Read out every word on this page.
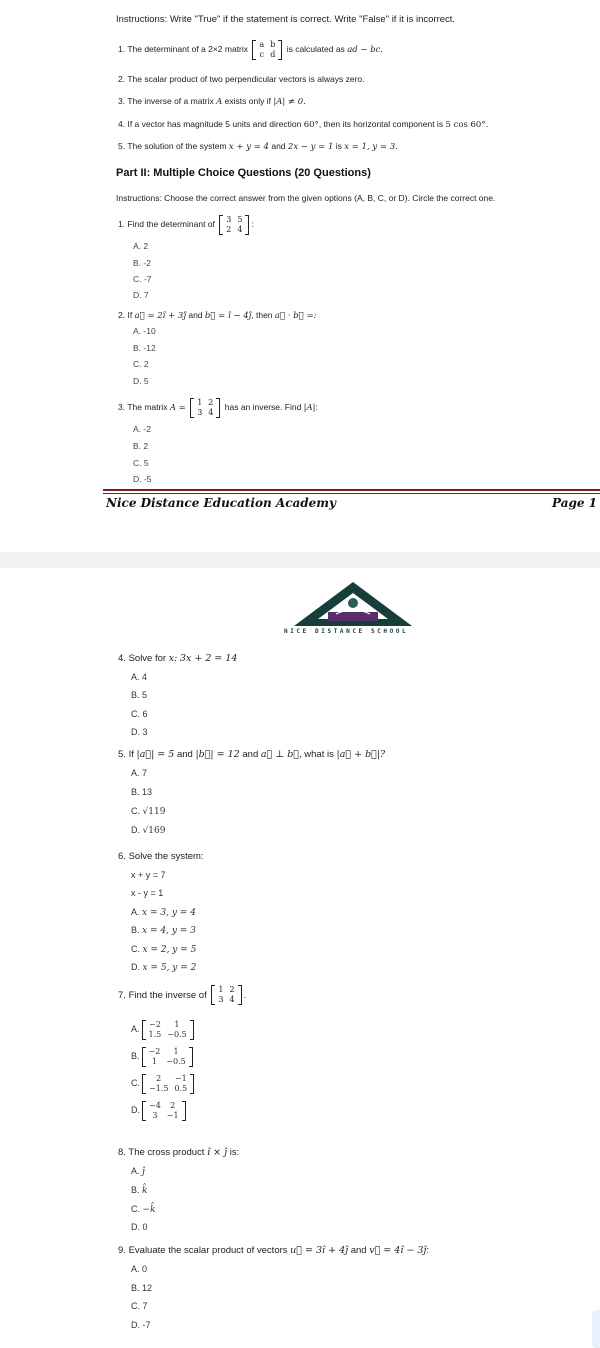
Instructions: Write "True" if the statement is correct. Write "False" if it is incorrect.
1. The determinant of a 2×2 matrix a	b
c	d
is calculated as ad − bc.
2. The scalar product of two perpendicular vectors is always zero.
3. The inverse of a matrix A exists only if |A| ≠ 0.
4. If a vector has magnitude 5 units and direction 60°, then its horizontal component is 5 cos 60°.
5. The solution of the system x + y = 4 and 2x − y = 1 is x = 1, y = 3.
Part II: Multiple Choice Questions (20 Questions)
Instructions: Choose the correct answer from the given options (A, B, C, or D). Circle the correct one.
1. Find the determinant of 3	5
2	4
:
A. 2
B. -2
C. -7
D. 7
2. If a⃗ = 2î + 3ĵ and b⃗ = î − 4ĵ, then a⃗ · b⃗ =:
A. -10
B. -12
C. 2
D. 5
3. The matrix A =
1	2
3	4
has an inverse. Find |A|:
A. -2
B. 2
C. 5
D. -5
Nice Distance Education Academy	Page 1
NICE DISTANCE SCHOOL
4. Solve for x: 3x + 2 = 14
A. 4
B. 5
C. 6
D. 3
5. If |a⃗| = 5 and |b⃗| = 12 and a⃗ ⊥ b⃗, what is |a⃗ + b⃗|?
A. 7
B. 13
C. √119
D. √169
6. Solve the system:
x + y = 7
x - y = 1
A. x = 3, y = 4
B. x = 4, y = 3
C. x = 2, y = 5
D. x = 5, y = 2
7. Find the inverse of
1	2
3	4 .
A. −2	1
1.5	−0.5
B. −2	1
1	−0.5
C. 2	−1
−1.5	0.5
D. −4	2
3	−1
8. The cross product î × ĵ is:
A. ĵ
B. k̂
C. −k̂
D. 0
9. Evaluate the scalar product of vectors u⃗ = 3î + 4ĵ and v⃗ = 4î − 3ĵ:
A. 0
B. 12
C. 7
D. -7
